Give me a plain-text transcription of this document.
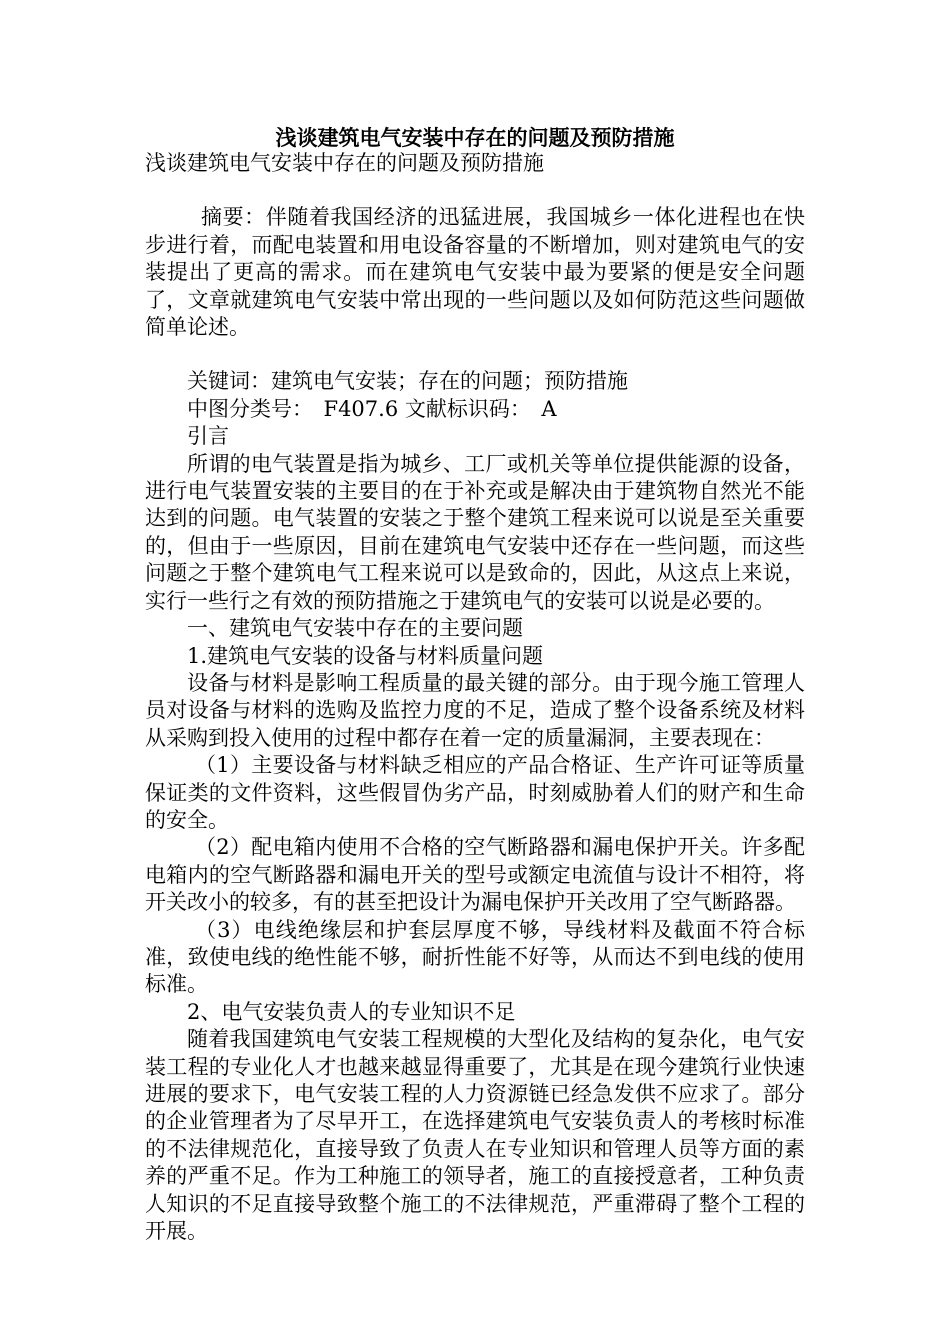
浅谈建筑电气安装中存在的问题及预防措施

浅谈建筑电气安装中存在的问题及预防措施

摘要：伴随着我国经济的迅猛进展，我国城乡一体化进程也在快步进行着，而配电装置和用电设备容量的不断增加，则对建筑电气的安装提出了更高的需求。而在建筑电气安装中最为要紧的便是安全问题了，文章就建筑电气安装中常出现的一些问题以及如何防范这些问题做简单论述。

关键词：建筑电气安装；存在的问题；预防措施

中图分类号：　F407.6 文献标识码：　A

引言

所谓的电气装置是指为城乡、工厂或机关等单位提供能源的设备，进行电气装置安装的主要目的在于补充或是解决由于建筑物自然光不能达到的问题。电气装置的安装之于整个建筑工程来说可以说是至关重要的，但由于一些原因，目前在建筑电气安装中还存在一些问题，而这些问题之于整个建筑电气工程来说可以是致命的，因此，从这点上来说，实行一些行之有效的预防措施之于建筑电气的安装可以说是必要的。

一、建筑电气安装中存在的主要问题

1.建筑电气安装的设备与材料质量问题

设备与材料是影响工程质量的最关键的部分。由于现今施工管理人员对设备与材料的选购及监控力度的不足，造成了整个设备系统及材料从采购到投入使用的过程中都存在着一定的质量漏洞，主要表现在：

（1）主要设备与材料缺乏相应的产品合格证、生产许可证等质量保证类的文件资料，这些假冒伪劣产品，时刻威胁着人们的财产和生命的安全。

（2）配电箱内使用不合格的空气断路器和漏电保护开关。许多配电箱内的空气断路器和漏电开关的型号或额定电流值与设计不相符，将开关改小的较多，有的甚至把设计为漏电保护开关改用了空气断路器。

（3）电线绝缘层和护套层厚度不够，导线材料及截面不符合标准，致使电线的绝性能不够，耐折性能不好等，从而达不到电线的使用标准。

2、电气安装负责人的专业知识不足

随着我国建筑电气安装工程规模的大型化及结构的复杂化，电气安装工程的专业化人才也越来越显得重要了，尤其是在现今建筑行业快速进展的要求下，电气安装工程的人力资源链已经急发供不应求了。部分的企业管理者为了尽早开工，在选择建筑电气安装负责人的考核时标准的不法律规范化，直接导致了负责人在专业知识和管理人员等方面的素养的严重不足。作为工种施工的领导者，施工的直接授意者，工种负责人知识的不足直接导致整个施工的不法律规范，严重滞碍了整个工程的开展。
